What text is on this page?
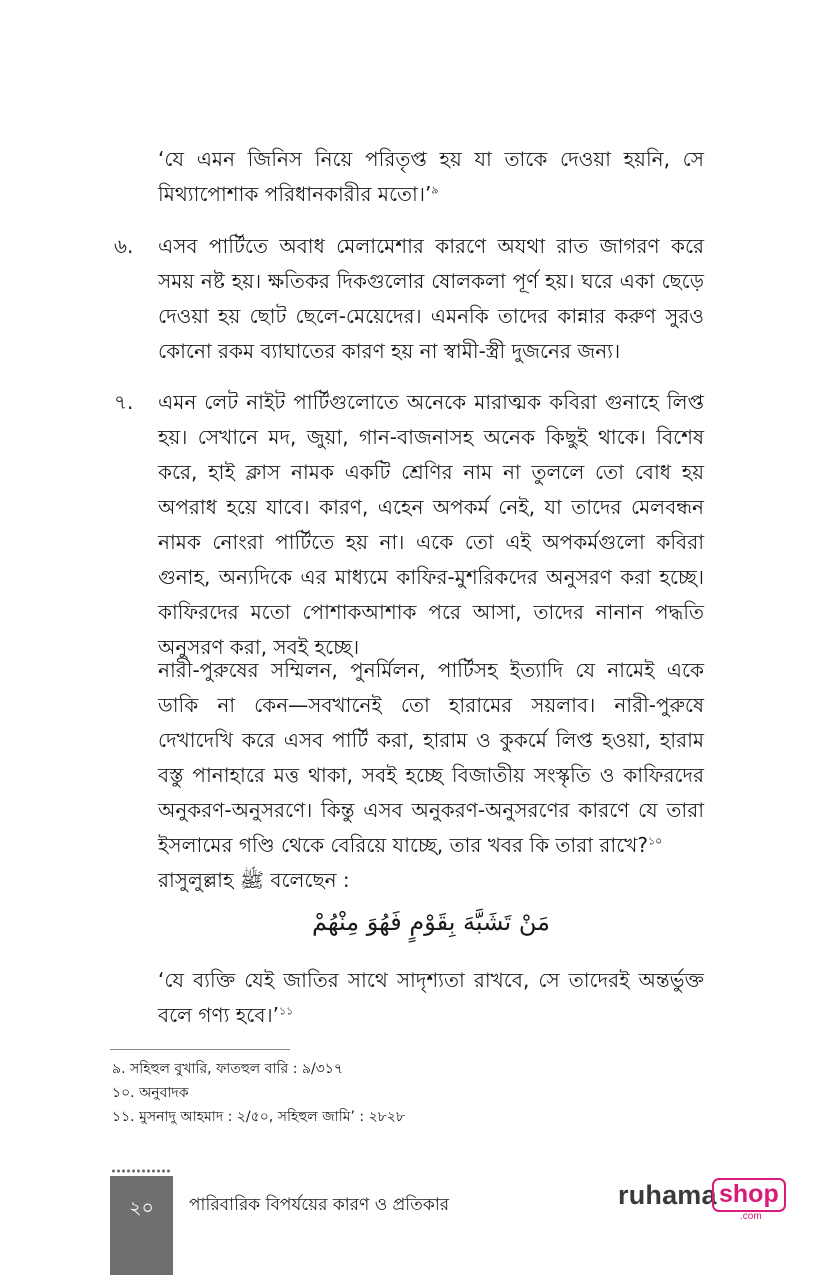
‘যে এমন জিনিস নিয়ে পরিতৃপ্ত হয় যা তাকে দেওয়া হয়নি, সে মিথ্যাপোশাক পরিধানকারীর মতো।’$^৯$

৬. এসব পার্টিতে অবাধ মেলামেশার কারণে অযথা রাত জাগরণ করে সময় নষ্ট হয়। ক্ষতিকর দিকগুলোর ষোলকলা পূর্ণ হয়। ঘরে একা ছেড়ে দেওয়া হয় ছোট ছেলে-মেয়েদের। এমনকি তাদের কান্নার করুণ সুরও কোনো রকম ব্যাঘাতের কারণ হয় না স্বামী-স্ত্রী দুজনের জন্য।

৭. এমন লেট নাইট পার্টিগুলোতে অনেকে মারাত্মক কবিরা গুনাহে লিপ্ত হয়। সেখানে মদ, জুয়া, গান-বাজনাসহ অনেক কিছুই থাকে। বিশেষ করে, হাই ক্লাস নামক একটি শ্রেণির নাম না তুললে তো বোধ হয় অপরাধ হয়ে যাবে। কারণ, এহেন অপকর্ম নেই, যা তাদের মেলবন্ধন নামক নোংরা পার্টিতে হয় না। একে তো এই অপকর্মগুলো কবিরা গুনাহ, অন্যদিকে এর মাধ্যমে কাফির-মুশরিকদের অনুসরণ করা হচ্ছে। কাফিরদের মতো পোশাকআশাক পরে আসা, তাদের নানান পদ্ধতি অনুসরণ করা, সবই হচ্ছে।

নারী-পুরুষের সম্মিলন, পুনর্মিলন, পার্টিসহ ইত্যাদি যে নামেই একে ডাকি না কেন—সবখানেই তো হারামের সয়লাব। নারী-পুরুষে দেখাদেখি করে এসব পার্টি করা, হারাম ও কুকর্মে লিপ্ত হওয়া, হারাম বস্তু পানাহারে মত্ত থাকা, সবই হচ্ছে বিজাতীয় সংস্কৃতি ও কাফিরদের অনুকরণ-অনুসরণে। কিন্তু এসব অনুকরণ-অনুসরণের কারণে যে তারা ইসলামের গণ্ডি থেকে বেরিয়ে যাচ্ছে, তার খবর কি তারা রাখে?$^{১০}$
রাসুলুল্লাহ ﷺ বলেছেন :

مَنْ تَشَبَّهَ بِقَوْمٍ فَهُوَ مِنْهُمْ

‘যে ব্যক্তি যেই জাতির সাথে সাদৃশ্যতা রাখবে, সে তাদেরই অন্তর্ভুক্ত বলে গণ্য হবে।’$^{১১}$

৯. সহিহুল বুখারি, ফাতহুল বারি : ৯/৩১৭
১০. অনুবাদক
১১. মুসনাদু আহমাদ : ২/৫০, সহিহুল জামি’ : ২৮২৮
২০	পারিবারিক বিপর্যয়ের কারণ ও প্রতিকার	ruhama shop
.com
